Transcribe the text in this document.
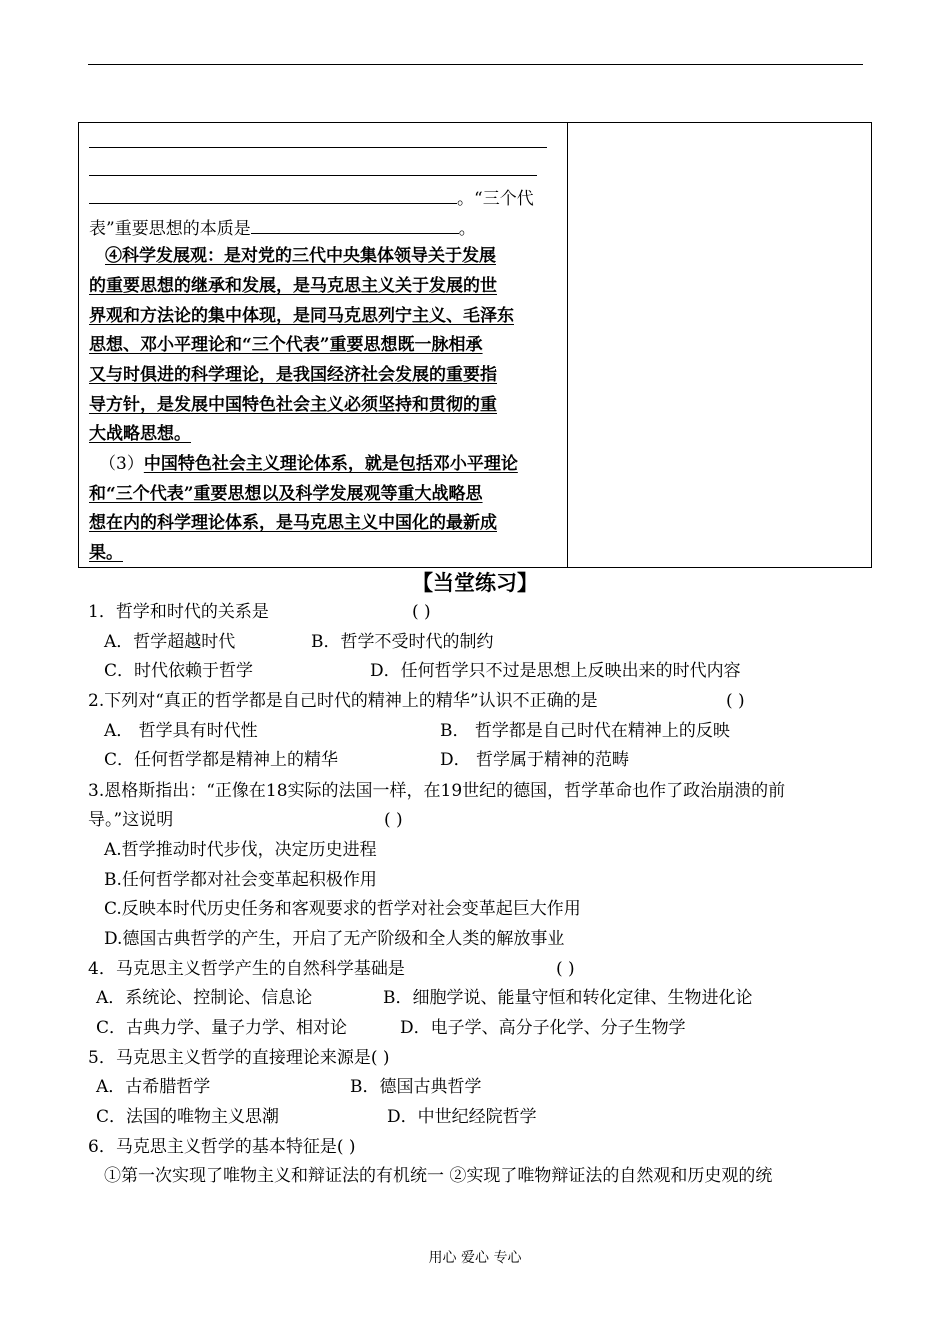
。“三个代
表”重要思想的本质是	。
④科学发展观：是对党的三代中央集体领导关于发展
的重要思想的继承和发展，是马克思主义关于发展的世
界观和方法论的集中体现，是同马克思列宁主义、毛泽东
思想、邓小平理论和“三个代表”重要思想既一脉相承
又与时俱进的科学理论，是我国经济社会发展的重要指
导方针，是发展中国特色社会主义必须坚持和贯彻的重
大战略思想。
（3）中国特色社会主义理论体系，就是包括邓小平理论
和“三个代表”重要思想以及科学发展观等重大战略思
想在内的科学理论体系，是马克思主义中国化的最新成
果。
【当堂练习】
1．哲学和时代的关系是	( )
A．哲学超越时代	B．哲学不受时代的制约
C．时代依赖于哲学	D．任何哲学只不过是思想上反映出来的时代内容
2.下列对“真正的哲学都是自己时代的精神上的精华”认识不正确的是	( )
A． 哲学具有时代性	B． 哲学都是自己时代在精神上的反映
C．任何哲学都是精神上的精华	D． 哲学属于精神的范畴
3.恩格斯指出：“正像在18实际的法国一样，在19世纪的德国，哲学革命也作了政治崩溃的前
导。”这说明	( )
A.哲学推动时代步伐，决定历史进程
B.任何哲学都对社会变革起积极作用
C.反映本时代历史任务和客观要求的哲学对社会变革起巨大作用
D.德国古典哲学的产生，开启了无产阶级和全人类的解放事业
4．马克思主义哲学产生的自然科学基础是	( )
A．系统论、控制论、信息论	B．细胞学说、能量守恒和转化定律、生物进化论
C．古典力学、量子力学、相对论	D．电子学、高分子化学、分子生物学
5．马克思主义哲学的直接理论来源是( )
A．古希腊哲学	B．德国古典哲学
C．法国的唯物主义思潮	D．中世纪经院哲学
6．马克思主义哲学的基本特征是( )
①第一次实现了唯物主义和辩证法的有机统一 ②实现了唯物辩证法的自然观和历史观的统
用心 爱心 专心
